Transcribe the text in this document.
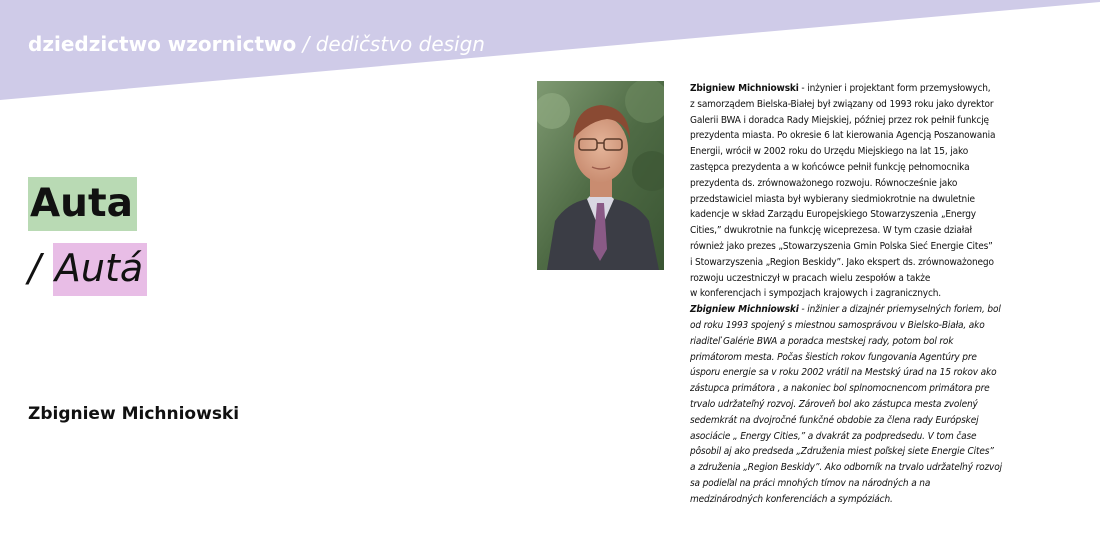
dziedzictwo wzornictwo / dedičstvo design
Auta
/ Autá
Zbigniew Michniowski
Zbigniew Michniowski - inżynier i projektant form przemysłowych,
z samorządem Bielska-Białej był związany od 1993 roku jako dyrektor
Galerii BWA i doradca Rady Miejskiej, później przez rok pełnił funkcję
prezydenta miasta. Po okresie 6 lat kierowania Agencją Poszanowania
Energii, wrócił w 2002 roku do Urzędu Miejskiego na lat 15, jako
zastępca prezydenta a w końcówce pełnił funkcję pełnomocnika
prezydenta ds. zrównoważonego rozwoju. Równocześnie jako
przedstawiciel miasta był wybierany siedmiokrotnie na dwuletnie
kadencje w skład Zarządu Europejskiego Stowarzyszenia „Energy
Cities,” dwukrotnie na funkcję wiceprezesa. W tym czasie działał
również jako prezes „Stowarzyszenia Gmin Polska Sieć Energie Cites”
i Stowarzyszenia „Region Beskidy”. Jako ekspert ds. zrównoważonego
rozwoju uczestniczył w pracach wielu zespołów a także
w konferencjach i sympozjach krajowych i zagranicznych.
Zbigniew Michniowski - inžinier a dizajnér priemyselných foriem, bol
od roku 1993 spojený s miestnou samosprávou v Bielsko-Biała, ako
riaditeľ Galérie BWA a poradca mestskej rady, potom bol rok
primátorom mesta. Počas šiestich rokov fungovania Agentúry pre
úsporu energie sa v roku 2002 vrátil na Mestský úrad na 15 rokov ako
zástupca primátora , a nakoniec bol splnomocnencom primátora pre
trvalo udržateľný rozvoj. Zároveň bol ako zástupca mesta zvolený
sedemkrát na dvojročné funkčné obdobie za člena rady Európskej
asociácie „ Energy Cities,” a dvakrát za podpredsedu. V tom čase
pôsobil aj ako predseda „Združenia miest poľskej siete Energie Cites”
a združenia „Region Beskidy”. Ako odborník na trvalo udržateľný rozvoj
sa podieľal na práci mnohých tímov na národných a na
medzinárodných konferenciách a sympóziách.
